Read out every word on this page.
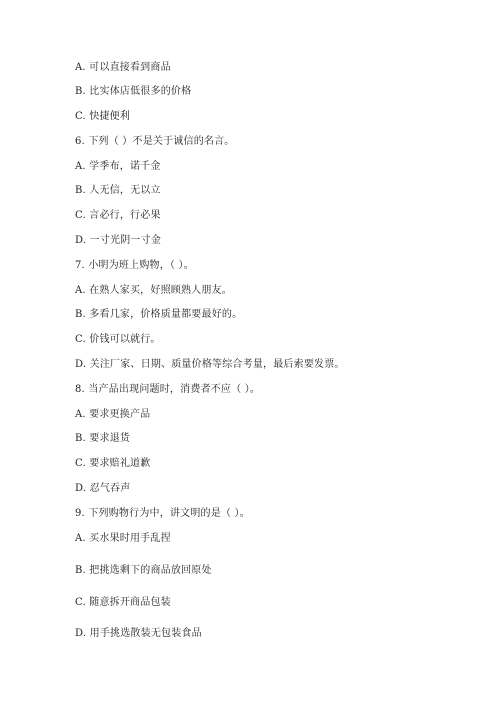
A. 可以直接看到商品
B. 比实体店低很多的价格
C. 快捷便利
6. 下列（ ）不是关于诚信的名言。
A. 学季布，诺千金
B. 人无信，无以立
C. 言必行，行必果
D. 一寸光阴一寸金
7. 小明为班上购物，（ ）。
A. 在熟人家买，好照顾熟人朋友。
B. 多看几家，价格质量都要最好的。
C. 价钱可以就行。
D. 关注厂家、日期、质量价格等综合考量，最后索要发票。
8. 当产品出现问题时，消费者不应（ ）。
A. 要求更换产品
B. 要求退货
C. 要求赔礼道歉
D. 忍气吞声
9. 下列购物行为中，讲文明的是（ ）。
A. 买水果时用手乱捏
B. 把挑选剩下的商品放回原处
C. 随意拆开商品包装
D. 用手挑选散装无包装食品
